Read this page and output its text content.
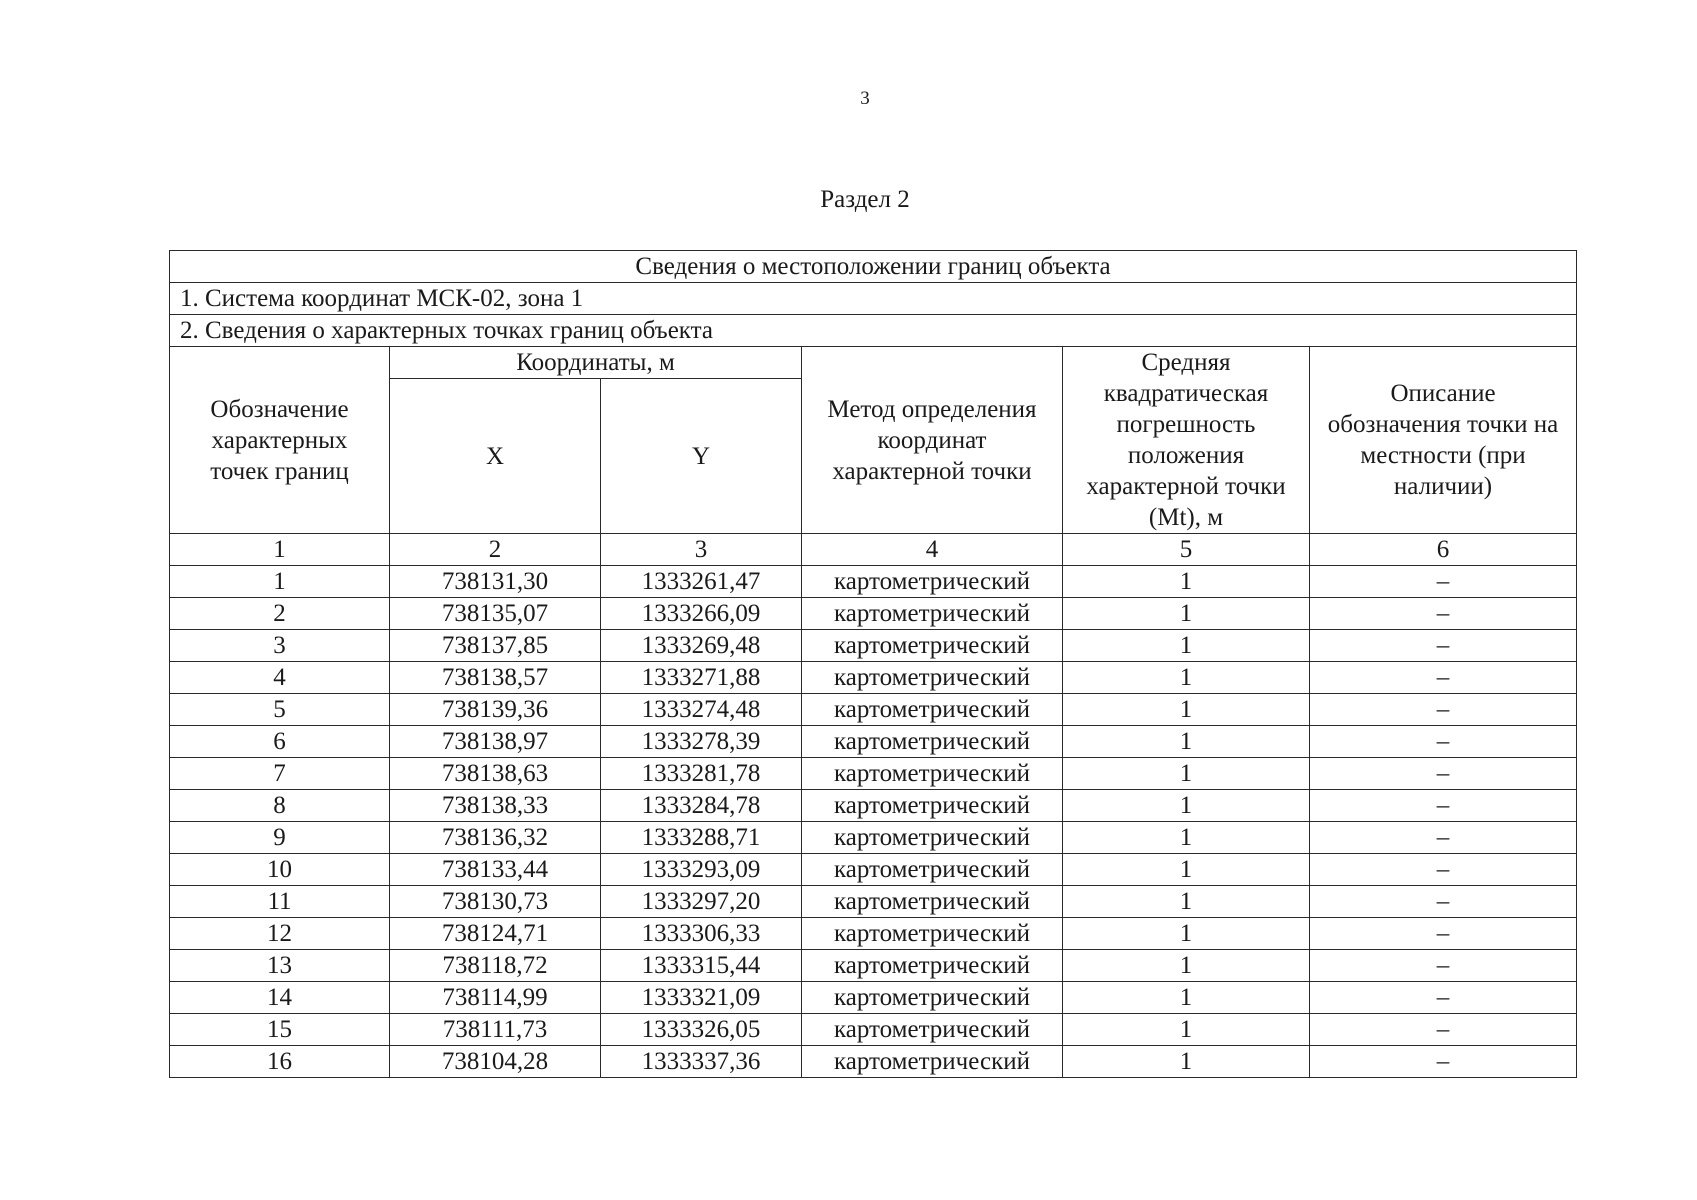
3
Раздел 2
Сведения о местоположении границ объекта					
1. Система координат МСК-02, зона 1					
2. Сведения о характерных точках границ объекта					

Обозначение характерных точек границ	Координаты, м		Метод определения координат характерной точки	Средняя квадратическая погрешность положения характерной точки (Mt), м	Описание обозначения точки на местности (при наличии)

	X	Y			
1	2	3	4	5	6
1	738131,30	1333261,47	картометрический	1	–
2	738135,07	1333266,09	картометрический	1	–
3	738137,85	1333269,48	картометрический	1	–
4	738138,57	1333271,88	картометрический	1	–
5	738139,36	1333274,48	картометрический	1	–
6	738138,97	1333278,39	картометрический	1	–
7	738138,63	1333281,78	картометрический	1	–
8	738138,33	1333284,78	картометрический	1	–
9	738136,32	1333288,71	картометрический	1	–
10	738133,44	1333293,09	картометрический	1	–
11	738130,73	1333297,20	картометрический	1	–
12	738124,71	1333306,33	картометрический	1	–
13	738118,72	1333315,44	картометрический	1	–
14	738114,99	1333321,09	картометрический	1	–
15	738111,73	1333326,05	картометрический	1	–
16	738104,28	1333337,36	картометрический	1	–
